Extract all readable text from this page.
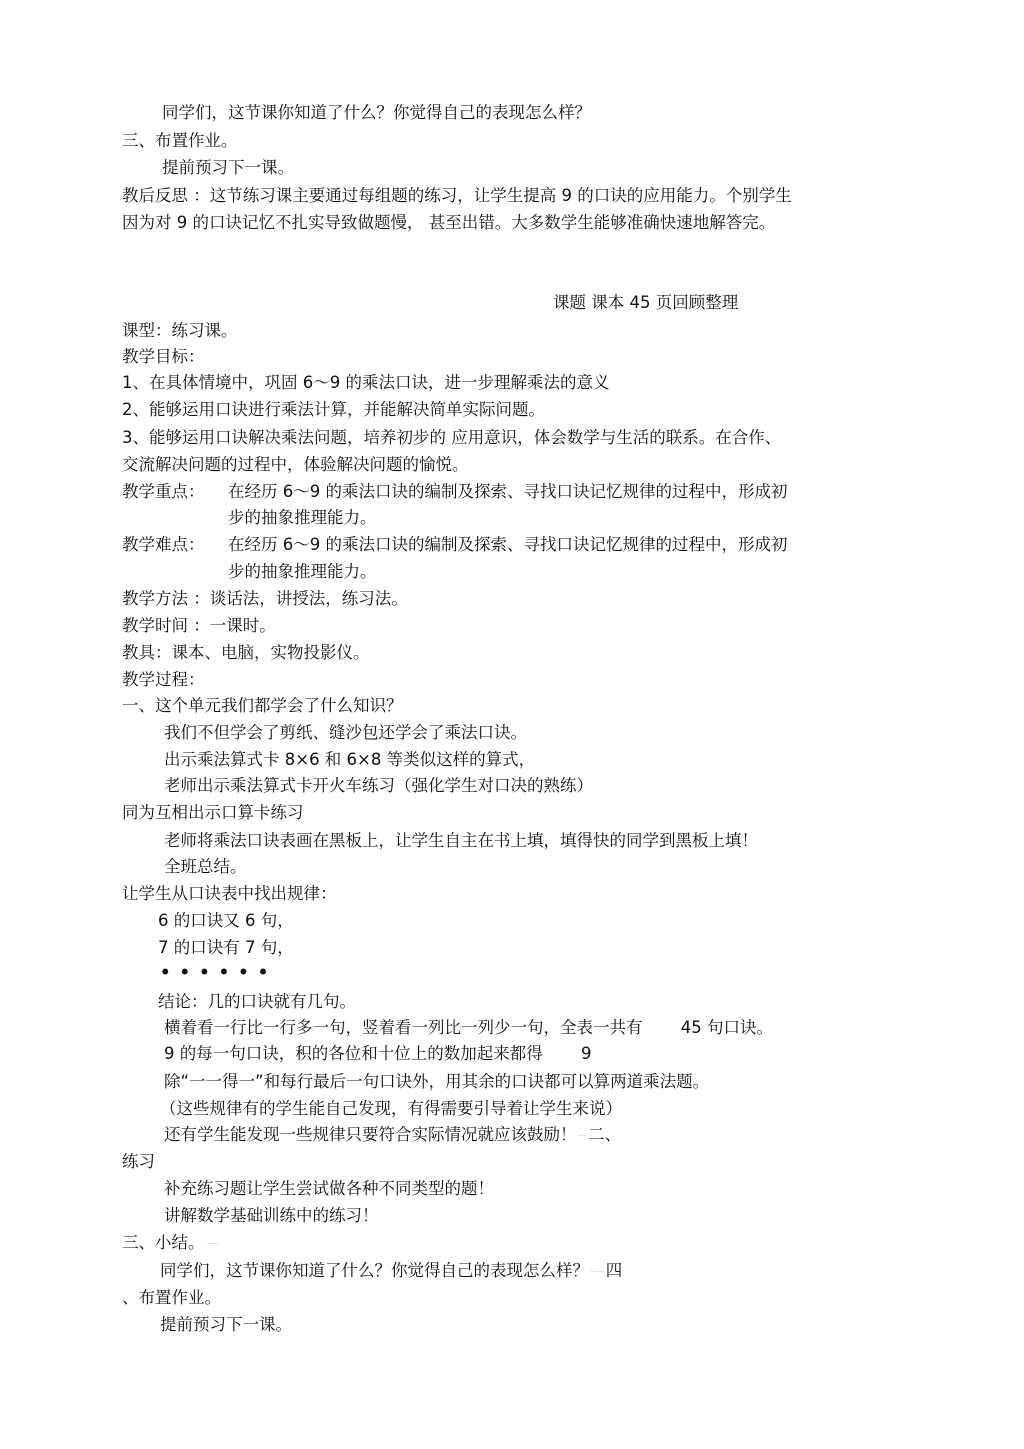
同学们，这节课你知道了什么？你觉得自己的表现怎么样？
三、布置作业。
提前预习下一课。
教后反思 ：这节练习课主要通过每组题的练习，让学生提高 9 的口诀的应用能力。个别学生
因为对 9 的口诀记忆不扎实导致做题慢， 甚至出错。大多数学生能够准确快速地解答完。
课题 课本 45 页回顾整理
课型：练习课。
教学目标：
1、在具体情境中，巩固 6～9 的乘法口诀，进一步理解乘法的意义
2、能够运用口诀进行乘法计算，并能解决简单实际问题。
3、能够运用口诀解决乘法问题，培养初步的 应用意识，体会数学与生活的联系。在合作、
交流解决问题的过程中，体验解决问题的愉悦。
教学重点： 在经历 6～9 的乘法口诀的编制及探索、寻找口诀记忆规律的过程中，形成初
步的抽象推理能力。
教学难点： 在经历 6～9 的乘法口诀的编制及探索、寻找口诀记忆规律的过程中，形成初
步的抽象推理能力。
教学方法 ：谈话法，讲授法，练习法。
教学时间 ：一课时。
教具：课本、电脑，实物投影仪。
教学过程：
一、这个单元我们都学会了什么知识？
我们不但学会了剪纸、缝沙包还学会了乘法口诀。
出示乘法算式卡 8×6 和 6×8 等类似这样的算式，
老师出示乘法算式卡开火车练习（强化学生对口决的熟练）
同为互相出示口算卡练习
老师将乘法口诀表画在黑板上，让学生自主在书上填，填得快的同学到黑板上填！
全班总结。
让学生从口诀表中找出规律：
6 的口诀又 6 句，
7 的口诀有 7 句，
••••••
结论：几的口诀就有几句。
横着看一行比一行多一句，竖着看一列比一列少一句，全表一共有 　　45 句口诀。
9 的每一句口诀，积的各位和十位上的数加起来都得 　　9
除“一一得一”和每行最后一句口诀外，用其余的口诀都可以算两道乘法题。
（这些规律有的学生能自己发现，有得需要引导着让学生来说）
还有学生能发现一些规律只要符合实际情况就应该鼓励！ ······ 二、
练习
补充练习题让学生尝试做各种不同类型的题！
讲解数学基础训练中的练习！
三、小结。 ·········
同学们，这节课你知道了什么？你觉得自己的表现怎么样？ ·········· 四
、布置作业。
提前预习下一课。
